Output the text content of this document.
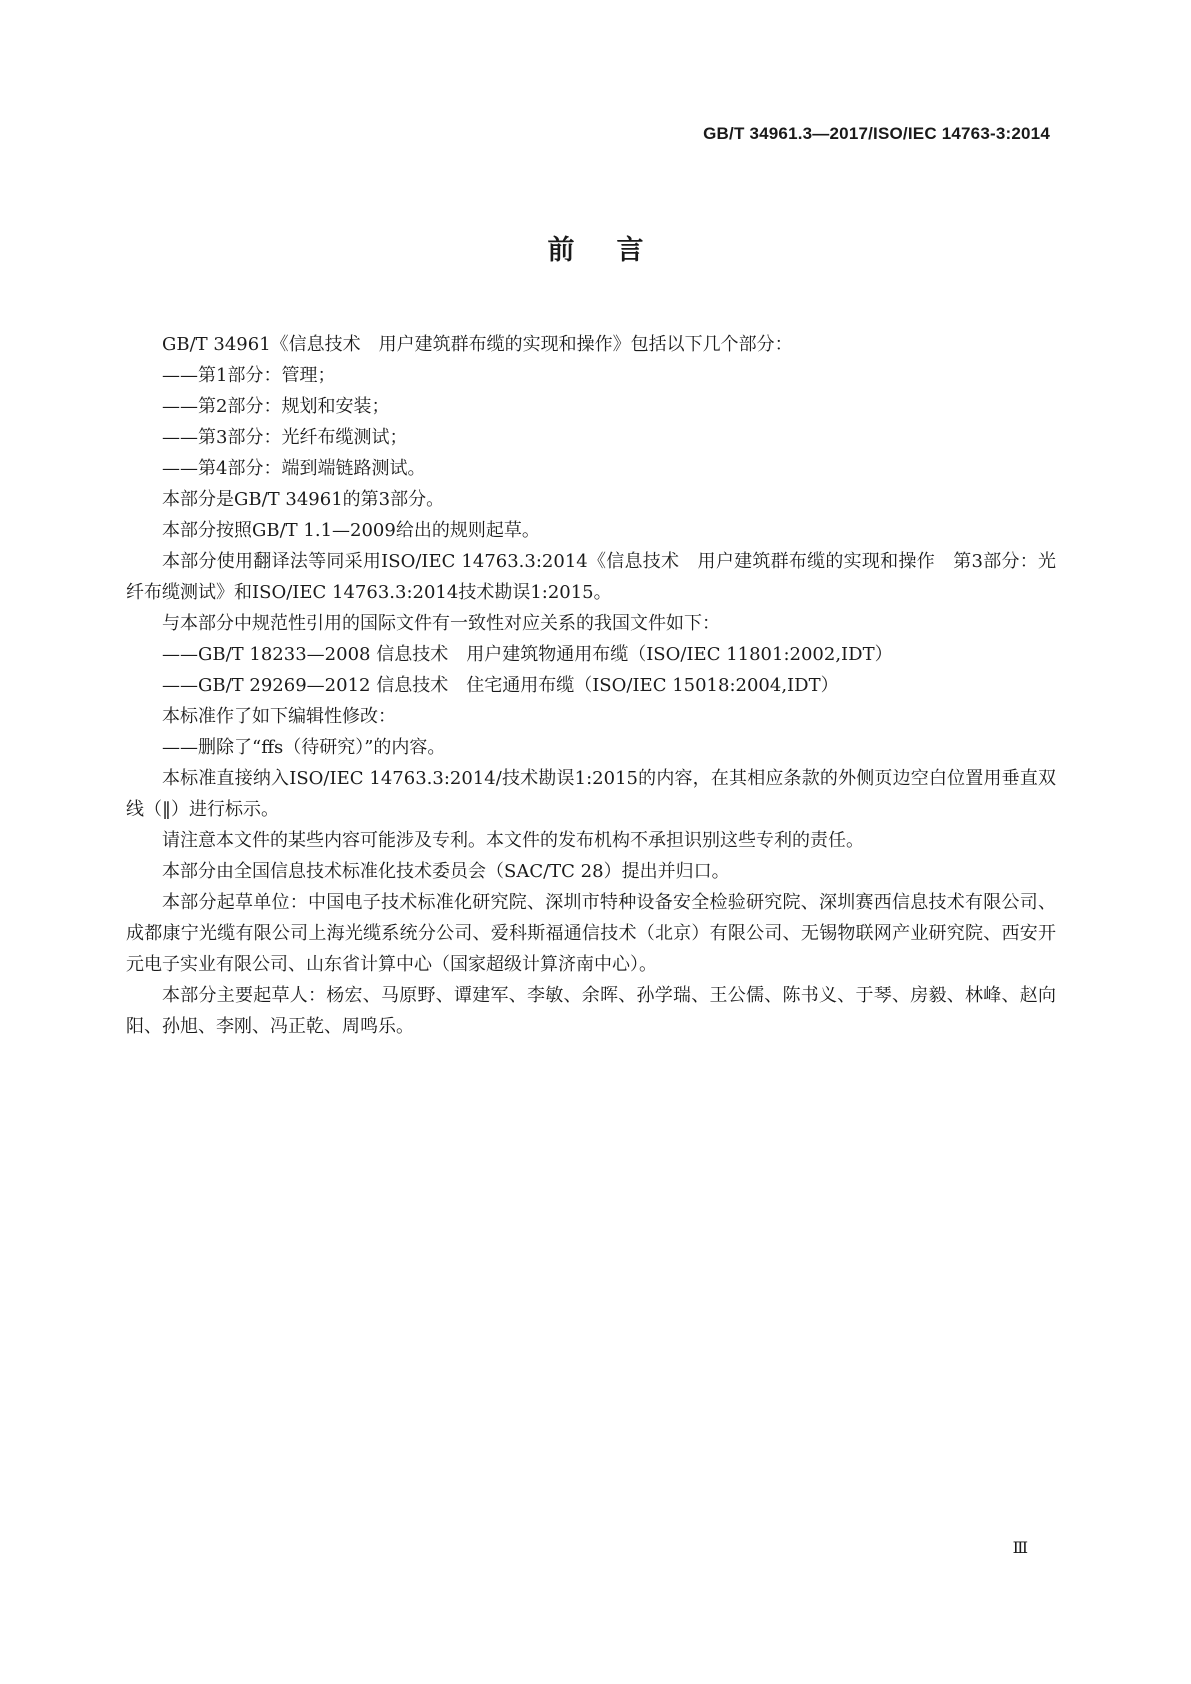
GB/T 34961.3—2017/ISO/IEC 14763-3:2014
前言

GB/T 34961《信息技术　用户建筑群布缆的实现和操作》包括以下几个部分：

——第1部分：管理；

——第2部分：规划和安装；

——第3部分：光纤布缆测试；

——第4部分：端到端链路测试。

本部分是GB/T 34961的第3部分。

本部分按照GB/T 1.1—2009给出的规则起草。

本部分使用翻译法等同采用ISO/IEC 14763.3:2014《信息技术　用户建筑群布缆的实现和操作　第3部分：光纤布缆测试》和ISO/IEC 14763.3:2014技术勘误1:2015。

与本部分中规范性引用的国际文件有一致性对应关系的我国文件如下：

——GB/T 18233—2008 信息技术　用户建筑物通用布缆（ISO/IEC 11801:2002,IDT）

——GB/T 29269—2012 信息技术　住宅通用布缆（ISO/IEC 15018:2004,IDT）

本标准作了如下编辑性修改：

——删除了“ffs（待研究）”的内容。

本标准直接纳入ISO/IEC 14763.3:2014/技术勘误1:2015的内容，在其相应条款的外侧页边空白位置用垂直双线（‖）进行标示。

请注意本文件的某些内容可能涉及专利。本文件的发布机构不承担识别这些专利的责任。

本部分由全国信息技术标准化技术委员会（SAC/TC 28）提出并归口。

本部分起草单位：中国电子技术标准化研究院、深圳市特种设备安全检验研究院、深圳赛西信息技术有限公司、成都康宁光缆有限公司上海光缆系统分公司、爱科斯福通信技术（北京）有限公司、无锡物联网产业研究院、西安开元电子实业有限公司、山东省计算中心（国家超级计算济南中心）。

本部分主要起草人：杨宏、马原野、谭建军、李敏、余晖、孙学瑞、王公儒、陈书义、于琴、房毅、林峰、赵向阳、孙旭、李刚、冯正乾、周鸣乐。

Ⅲ
